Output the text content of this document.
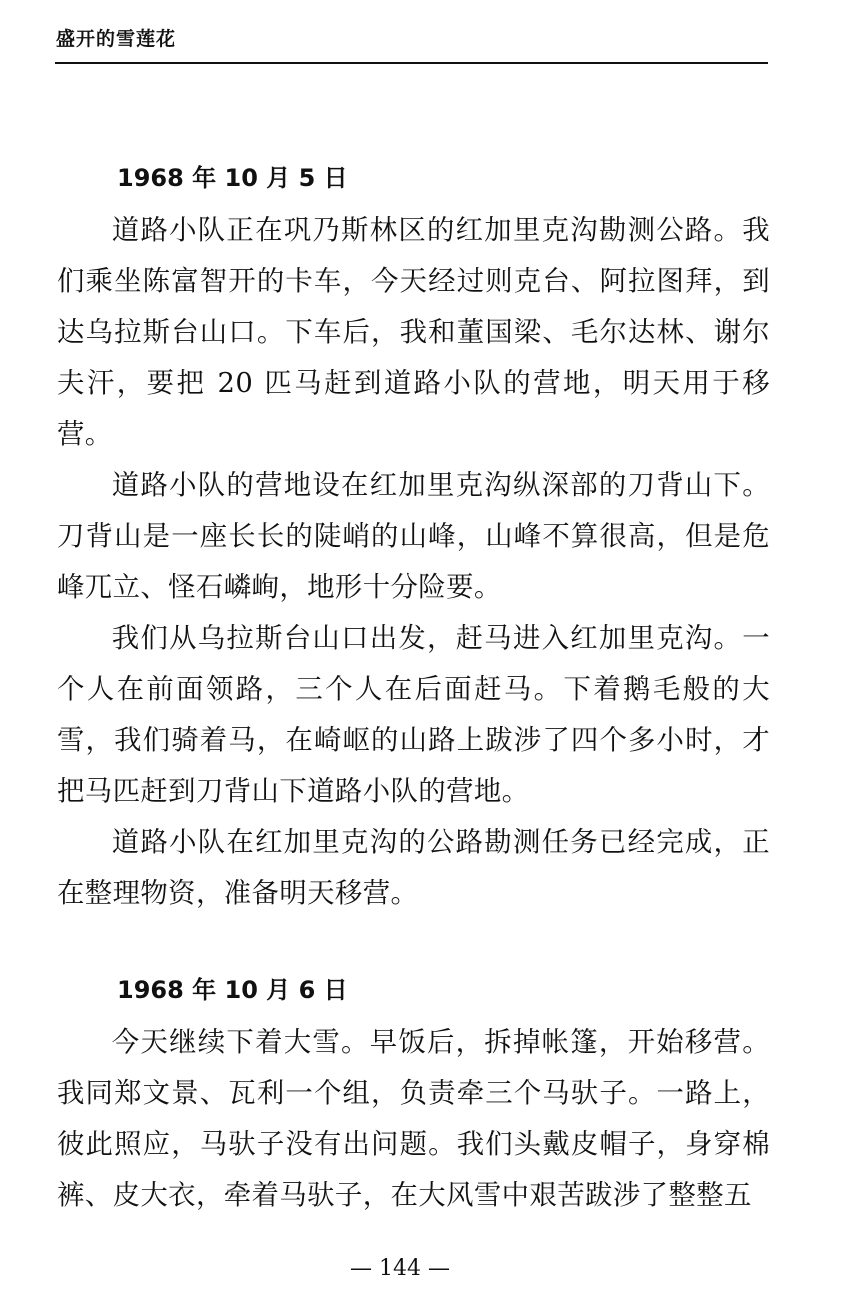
盛开的雪莲花
1968 年 10 月 5 日

道路小队正在巩乃斯林区的红加里克沟勘测公路。我们乘坐陈富智开的卡车，今天经过则克台、阿拉图拜，到达乌拉斯台山口。下车后，我和董国梁、毛尔达林、谢尔夫汗，要把 20 匹马赶到道路小队的营地，明天用于移营。

道路小队的营地设在红加里克沟纵深部的刀背山下。刀背山是一座长长的陡峭的山峰，山峰不算很高，但是危峰兀立、怪石嶙峋，地形十分险要。

我们从乌拉斯台山口出发，赶马进入红加里克沟。一个人在前面领路，三个人在后面赶马。下着鹅毛般的大雪，我们骑着马，在崎岖的山路上跋涉了四个多小时，才把马匹赶到刀背山下道路小队的营地。

道路小队在红加里克沟的公路勘测任务已经完成，正在整理物资，准备明天移营。

1968 年 10 月 6 日

今天继续下着大雪。早饭后，拆掉帐篷，开始移营。我同郑文景、瓦利一个组，负责牵三个马驮子。一路上，彼此照应，马驮子没有出问题。我们头戴皮帽子，身穿棉裤、皮大衣，牵着马驮子，在大风雪中艰苦跋涉了整整五

— 144 —
